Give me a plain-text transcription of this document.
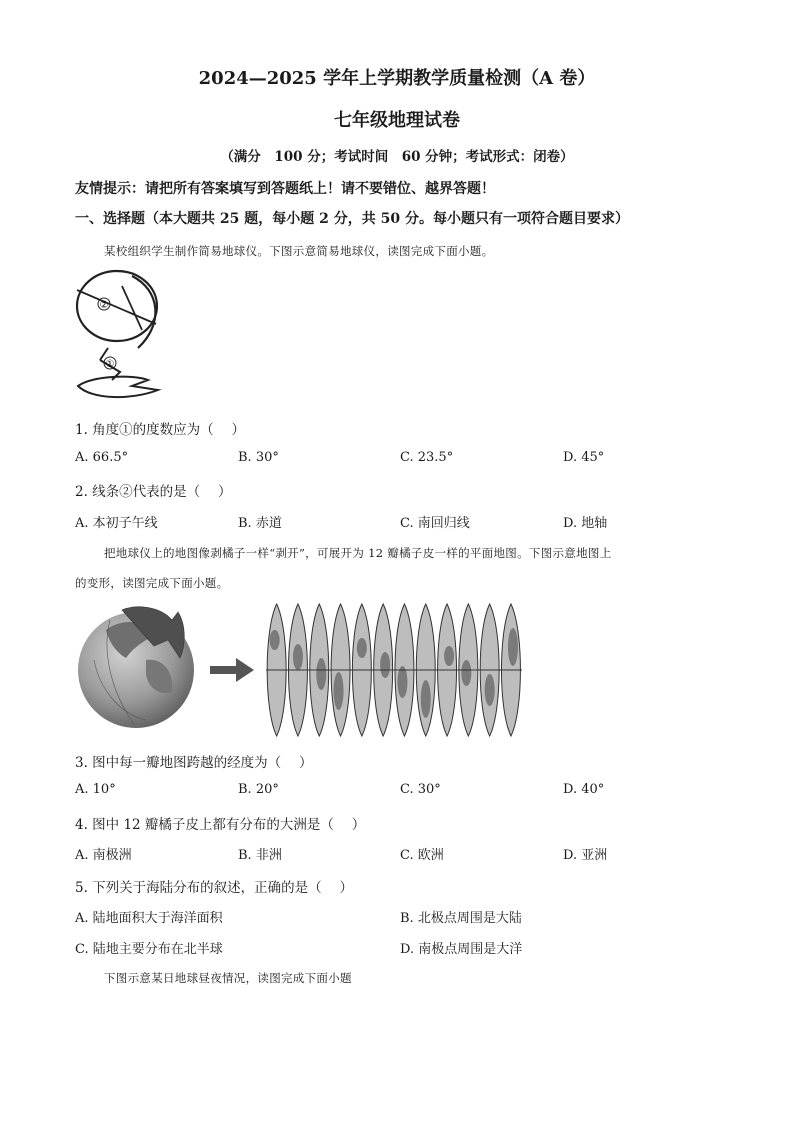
2024—2025 学年上学期教学质量检测（A 卷）
七年级地理试卷
（满分　100 分；考试时间　60 分钟；考试形式：闭卷）
友情提示：请把所有答案填写到答题纸上！请不要错位、越界答题！
一、选择题（本大题共 25 题，每小题 2 分，共 50 分。每小题只有一项符合题目要求）
某校组织学生制作简易地球仪。下图示意简易地球仪，读图完成下面小题。
②
①
1. 角度①的度数应为（　 ）
A. 66.5°	B. 30°	C. 23.5°	D. 45°
2. 线条②代表的是（　 ）
A. 本初子午线	B. 赤道	C. 南回归线	D. 地轴
把地球仪上的地图像剥橘子一样“剥开”，可展开为 12 瓣橘子皮一样的平面地图。下图示意地图上
的变形，读图完成下面小题。
3. 图中每一瓣地图跨越的经度为（　 ）
A. 10°	B. 20°	C. 30°	D. 40°
4. 图中 12 瓣橘子皮上都有分布的大洲是（　 ）
A. 南极洲	B. 非洲	C. 欧洲	D. 亚洲
5. 下列关于海陆分布的叙述，正确的是（　 ）
A. 陆地面积大于海洋面积	B. 北极点周围是大陆
C. 陆地主要分布在北半球	D. 南极点周围是大洋
下图示意某日地球昼夜情况，读图完成下面小题
